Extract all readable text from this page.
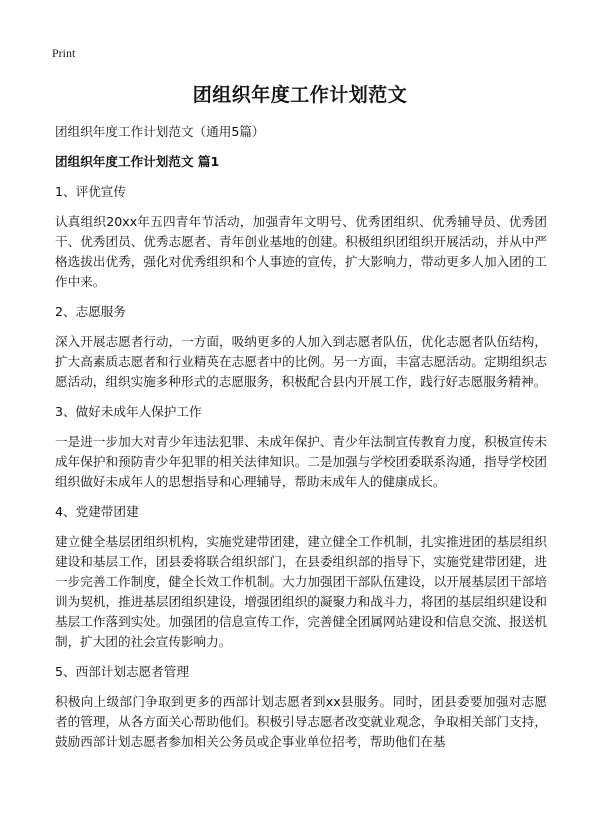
Print
团组织年度工作计划范文
团组织年度工作计划范文（通用5篇）
团组织年度工作计划范文 篇1
1、评优宣传
认真组织20xx年五四青年节活动，加强青年文明号、优秀团组织、优秀辅导员、优秀团干、优秀团员、优秀志愿者、青年创业基地的创建。积极组织团组织开展活动，并从中严格选拔出优秀，强化对优秀组织和个人事迹的宣传，扩大影响力，带动更多人加入团的工作中来。
2、志愿服务
深入开展志愿者行动，一方面，吸纳更多的人加入到志愿者队伍，优化志愿者队伍结构，扩大高素质志愿者和行业精英在志愿者中的比例。另一方面，丰富志愿活动。定期组织志愿活动，组织实施多种形式的志愿服务，积极配合县内开展工作，践行好志愿服务精神。
3、做好未成年人保护工作
一是进一步加大对青少年违法犯罪、未成年保护、青少年法制宣传教育力度，积极宣传未成年保护和预防青少年犯罪的相关法律知识。二是加强与学校团委联系沟通，指导学校团组织做好未成年人的思想指导和心理辅导，帮助未成年人的健康成长。
4、党建带团建
建立健全基层团组织机构，实施党建带团建，建立健全工作机制，扎实推进团的基层组织建设和基层工作，团县委将联合组织部门，在县委组织部的指导下，实施党建带团建，进一步完善工作制度，健全长效工作机制。大力加强团干部队伍建设，以开展基层团干部培训为契机，推进基层团组织建设，增强团组织的凝聚力和战斗力，将团的基层组织建设和基层工作落到实处。加强团的信息宣传工作，完善健全团属网站建设和信息交流、报送机制，扩大团的社会宣传影响力。
5、西部计划志愿者管理
积极向上级部门争取到更多的西部计划志愿者到xx县服务。同时，团县委要加强对志愿者的管理，从各方面关心帮助他们。积极引导志愿者改变就业观念，争取相关部门支持，鼓励西部计划志愿者参加相关公务员或企事业单位招考，帮助他们在基
